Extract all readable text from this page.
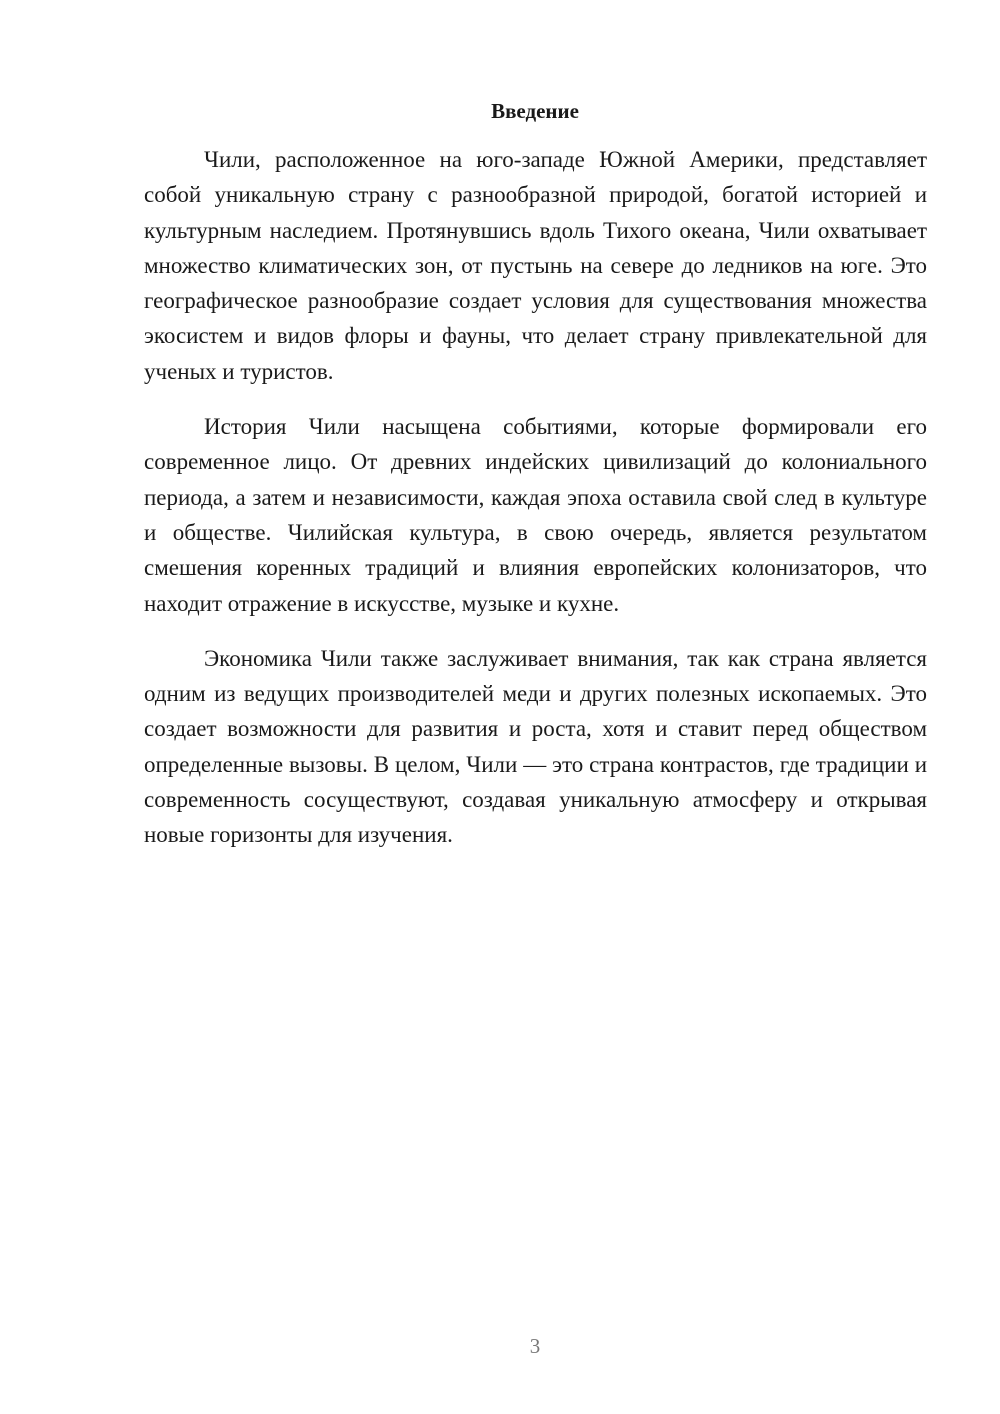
Введение

Чили, расположенное на юго-западе Южной Америки, представляет собой уникальную страну с разнообразной природой, богатой историей и культурным наследием. Протянувшись вдоль Тихого океана, Чили охватывает множество климатических зон, от пустынь на севере до ледников на юге. Это географическое разнообразие создает условия для существования множества экосистем и видов флоры и фауны, что делает страну привлекательной для ученых и туристов.

История Чили насыщена событиями, которые формировали его современное лицо. От древних индейских цивилизаций до колониального периода, а затем и независимости, каждая эпоха оставила свой след в культуре и обществе. Чилийская культура, в свою очередь, является результатом смешения коренных традиций и влияния европейских колонизаторов, что находит отражение в искусстве, музыке и кухне.

Экономика Чили также заслуживает внимания, так как страна является одним из ведущих производителей меди и других полезных ископаемых. Это создает возможности для развития и роста, хотя и ставит перед обществом определенные вызовы. В целом, Чили — это страна контрастов, где традиции и современность сосуществуют, создавая уникальную атмосферу и открывая новые горизонты для изучения.

3
